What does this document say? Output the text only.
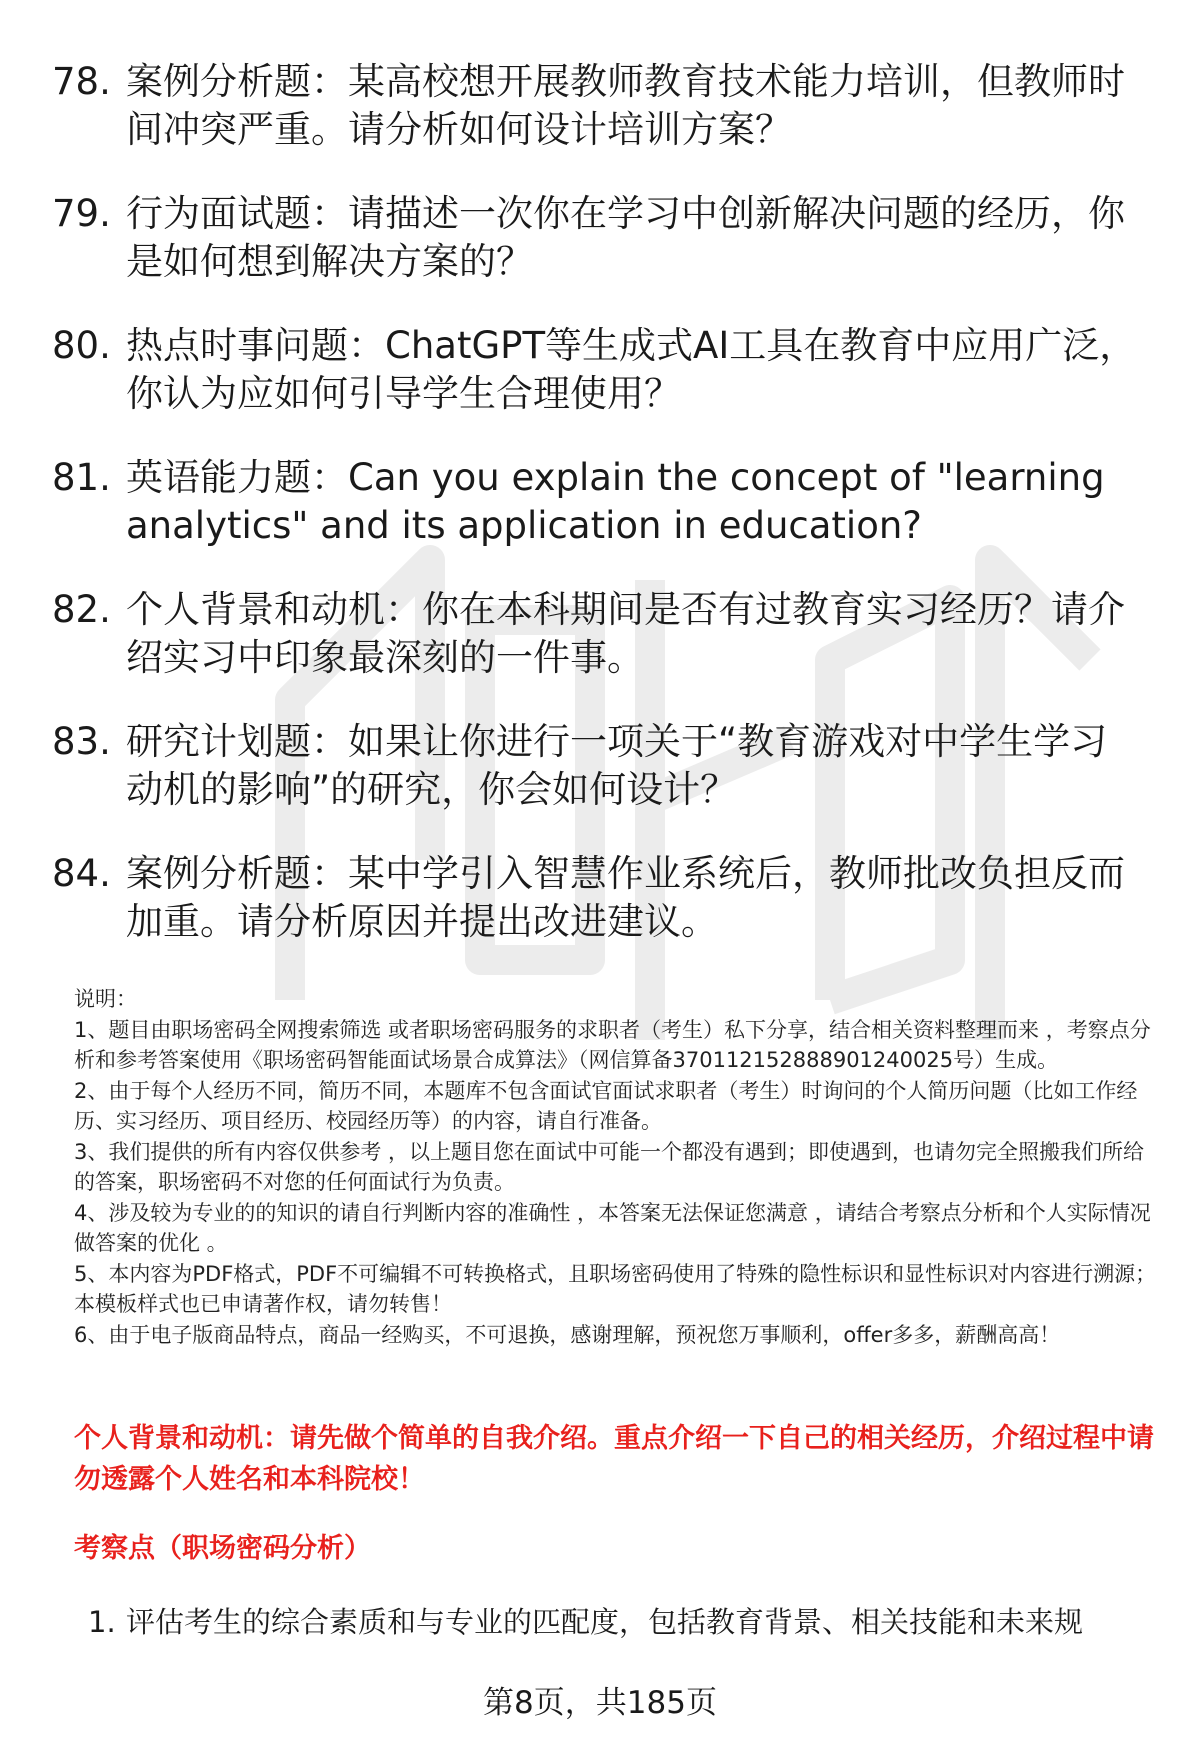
78. 案例分析题：某高校想开展教师教育技术能力培训，但教师时间冲突严重。请分析如何设计培训方案？
79. 行为面试题：请描述一次你在学习中创新解决问题的经历，你是如何想到解决方案的？
80. 热点时事问题：ChatGPT等生成式AI工具在教育中应用广泛，你认为应如何引导学生合理使用？
81. 英语能力题：Can you explain the concept of "learning analytics" and its application in education?
82. 个人背景和动机：你在本科期间是否有过教育实习经历？请介绍实习中印象最深刻的一件事。
83. 研究计划题：如果让你进行一项关于“教育游戏对中学生学习动机的影响”的研究，你会如何设计？
84. 案例分析题：某中学引入智慧作业系统后，教师批改负担反而加重。请分析原因并提出改进建议。
说明：
1、题目由职场密码全网搜索筛选 或者职场密码服务的求职者（考生）私下分享，结合相关资料整理而来 ，考察点分析和参考答案使用《职场密码智能面试场景合成算法》（网信算备370112152888901240025号）生成。
2、由于每个人经历不同，简历不同，本题库不包含面试官面试求职者（考生）时询问的个人简历问题（比如工作经历、实习经历、项目经历、校园经历等）的内容，请自行准备。
3、我们提供的所有内容仅供参考 ，以上题目您在面试中可能一个都没有遇到；即使遇到，也请勿完全照搬我们所给的答案，职场密码不对您的任何面试行为负责。
4、涉及较为专业的的知识的请自行判断内容的准确性 ，本答案无法保证您满意 ，请结合考察点分析和个人实际情况做答案的优化 。
5、本内容为PDF格式，PDF不可编辑不可转换格式，且职场密码使用了特殊的隐性标识和显性标识对内容进行溯源；本模板样式也已申请著作权，请勿转售！
6、由于电子版商品特点，商品一经购买，不可退换，感谢理解，预祝您万事顺利，offer多多，薪酬高高！
个人背景和动机：请先做个简单的自我介绍。重点介绍一下自己的相关经历，介绍过程中请勿透露个人姓名和本科院校！
考察点（职场密码分析）
1. 评估考生的综合素质和与专业的匹配度，包括教育背景、相关技能和未来规
第8页，共185页
